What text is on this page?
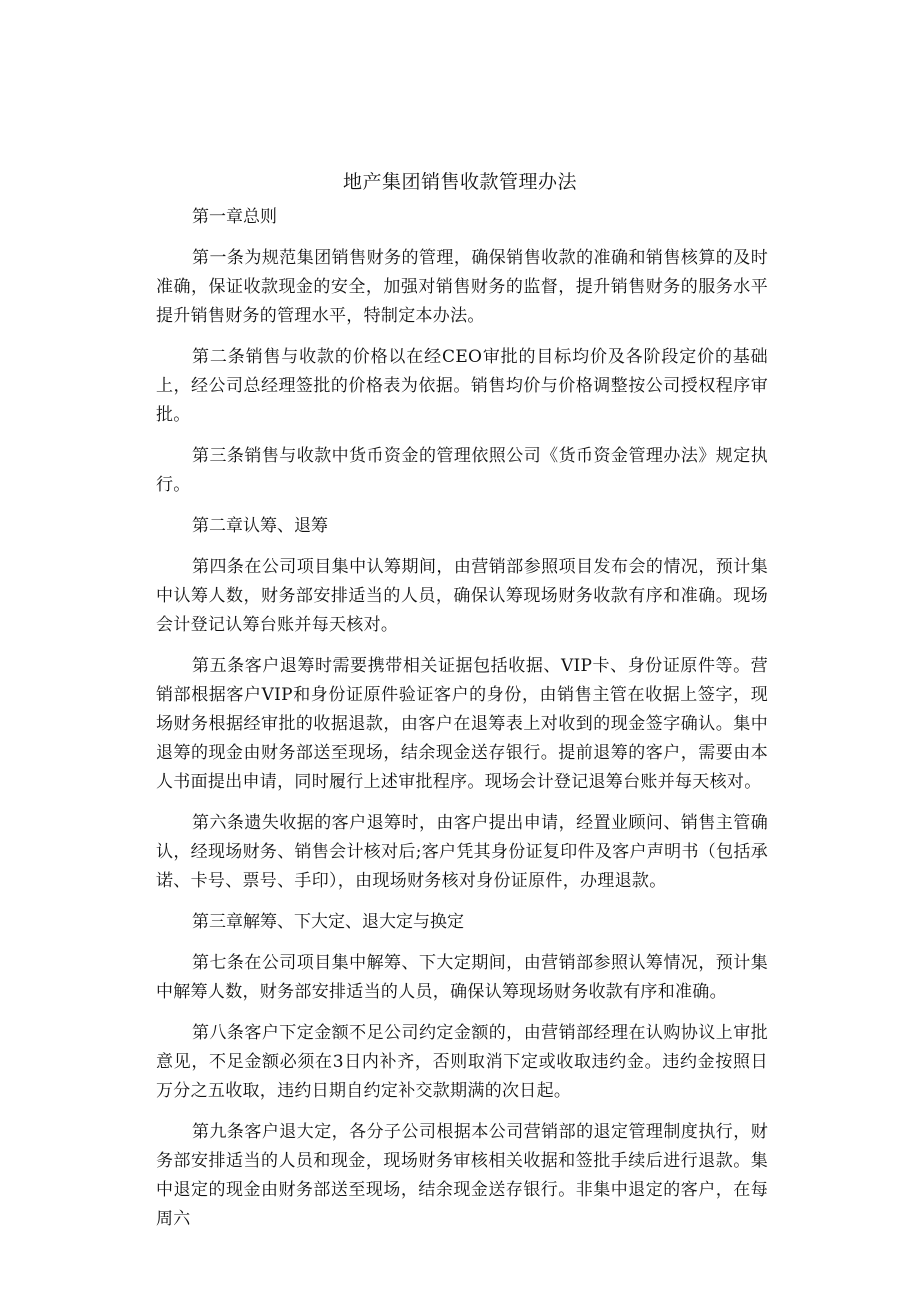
地产集团销售收款管理办法

第一章总则

第一条为规范集团销售财务的管理，确保销售收款的准确和销售核算的及时准确，保证收款现金的安全，加强对销售财务的监督，提升销售财务的服务水平提升销售财务的管理水平，特制定本办法。

第二条销售与收款的价格以在经CEO审批的目标均价及各阶段定价的基础上，经公司总经理签批的价格表为依据。销售均价与价格调整按公司授权程序审批。

第三条销售与收款中货币资金的管理依照公司《货币资金管理办法》规定执行。

第二章认筹、退筹

第四条在公司项目集中认筹期间，由营销部参照项目发布会的情况，预计集中认筹人数，财务部安排适当的人员，确保认筹现场财务收款有序和准确。现场会计登记认筹台账并每天核对。

第五条客户退筹时需要携带相关证据包括收据、VIP卡、身份证原件等。营销部根据客户VIP和身份证原件验证客户的身份，由销售主管在收据上签字，现场财务根据经审批的收据退款，由客户在退筹表上对收到的现金签字确认。集中退筹的现金由财务部送至现场，结余现金送存银行。提前退筹的客户，需要由本人书面提出申请，同时履行上述审批程序。现场会计登记退筹台账并每天核对。

第六条遗失收据的客户退筹时，由客户提出申请，经置业顾问、销售主管确认，经现场财务、销售会计核对后;客户凭其身份证复印件及客户声明书（包括承诺、卡号、票号、手印），由现场财务核对身份证原件，办理退款。

第三章解筹、下大定、退大定与换定

第七条在公司项目集中解筹、下大定期间，由营销部参照认筹情况，预计集中解筹人数，财务部安排适当的人员，确保认筹现场财务收款有序和准确。

第八条客户下定金额不足公司约定金额的，由营销部经理在认购协议上审批意见，不足金额必须在3日内补齐，否则取消下定或收取违约金。违约金按照日万分之五收取，违约日期自约定补交款期满的次日起。

第九条客户退大定，各分子公司根据本公司营销部的退定管理制度执行，财务部安排适当的人员和现金，现场财务审核相关收据和签批手续后进行退款。集中退定的现金由财务部送至现场，结余现金送存银行。非集中退定的客户，在每周六
